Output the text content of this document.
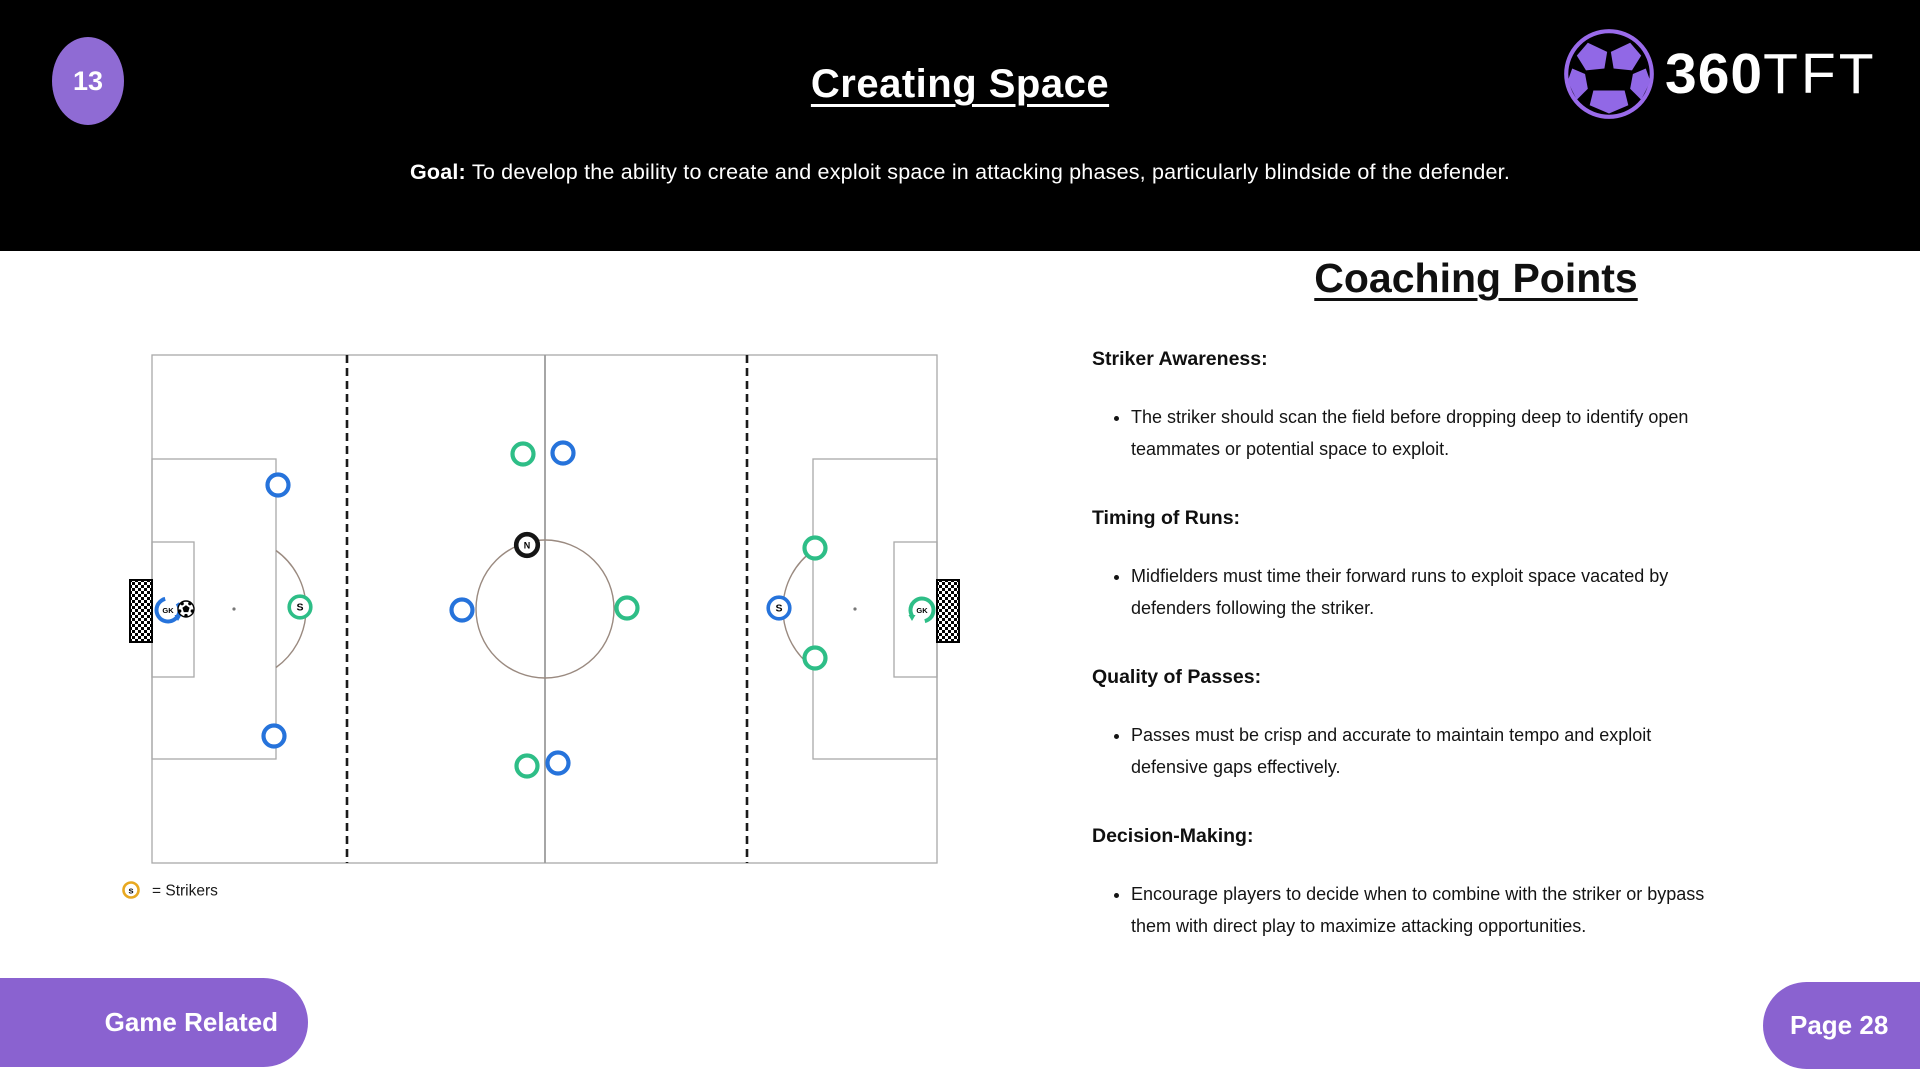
13	Creating Space
Goal: To develop the ability to create and exploit space in attacking phases, particularly blindside of the defender.
360TFT
S	S
N
GK	GK
s = Strikers
Coaching Points
Striker Awareness:
• The striker should scan the field before dropping deep to identify open
teammates or potential space to exploit.
Timing of Runs:
• Midfielders must time their forward runs to exploit space vacated by
defenders following the striker.
Quality of Passes:
• Passes must be crisp and accurate to maintain tempo and exploit
defensive gaps effectively.
Decision-Making:
• Encourage players to decide when to combine with the striker or bypass
them with direct play to maximize attacking opportunities.
Game Related	Page 28
